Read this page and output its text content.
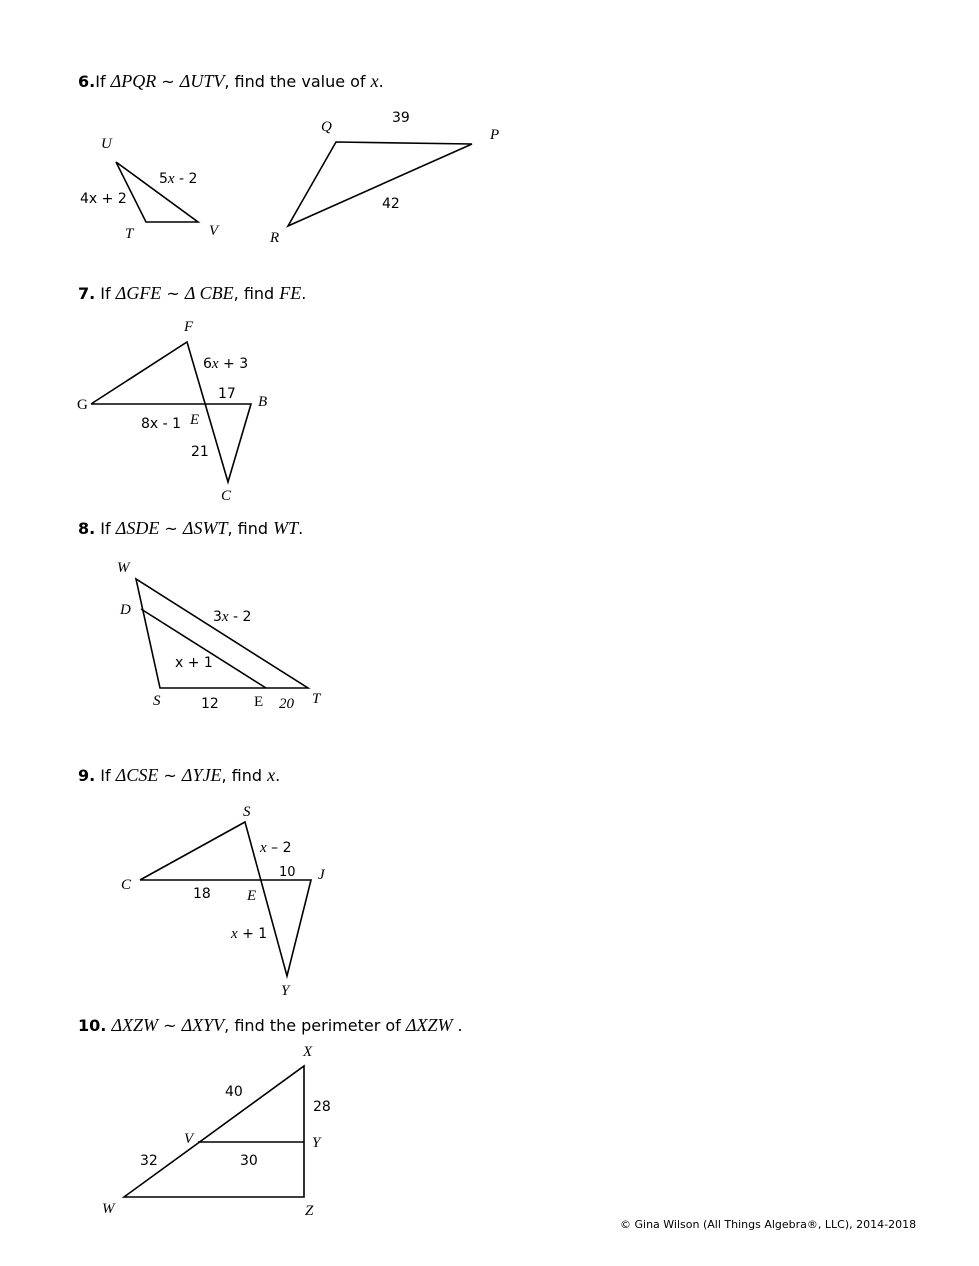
6.If ΔPQR ~ ΔUTV, find the value of x.
7. If ΔGFE ~ Δ CBE, find FE.
8. If ΔSDE ~ ΔSWT, find WT.
9. If ΔCSE ~ ΔYJE, find x.
10. ΔXZW ~ ΔXYV, find the perimeter of ΔXZW .
U
T	V
Q	P
R
4x + 2
5x - 2
39
42
F
G
E
B
C
6x + 3
17
8x - 1
21
W
D
S	E	T
3x - 2
x + 1
12	20
S
C
E
J
Y
x – 2
10
18
x + 1
X
V	Y
W	Z
40
28
32	30
© Gina Wilson (All Things Algebra®, LLC), 2014-2018
